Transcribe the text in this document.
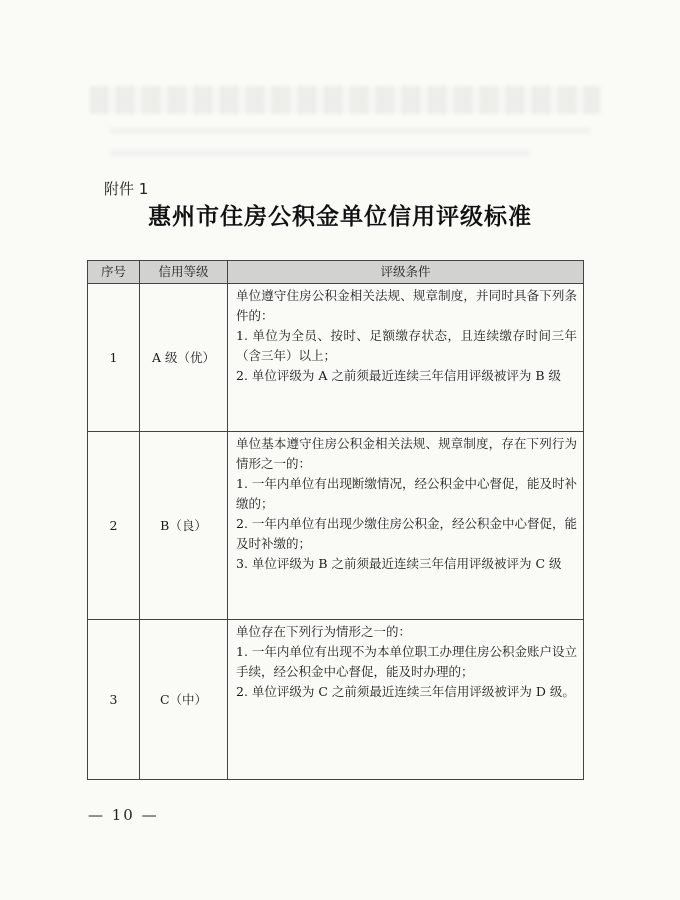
附件 1
惠州市住房公积金单位信用评级标准
序号	信用等级	评级条件
1	A 级（优）	单位遵守住房公积金相关法规、规章制度，并同时具备下列条件的：
1. 单位为全员、按时、足额缴存状态，且连续缴存时间三年（含三年）以上；
2. 单位评级为 A 之前须最近连续三年信用评级被评为 B 级

2	B（良）	单位基本遵守住房公积金相关法规、规章制度，存在下列行为情形之一的：
1. 一年内单位有出现断缴情况，经公积金中心督促，能及时补缴的；
2. 一年内单位有出现少缴住房公积金，经公积金中心督促，能及时补缴的；
3. 单位评级为 B 之前须最近连续三年信用评级被评为 C 级

3	C（中）	单位存在下列行为情形之一的：
1. 一年内单位有出现不为本单位职工办理住房公积金账户设立手续，经公积金中心督促，能及时办理的；
2. 单位评级为 C 之前须最近连续三年信用评级被评为 D 级。
— 10 —
